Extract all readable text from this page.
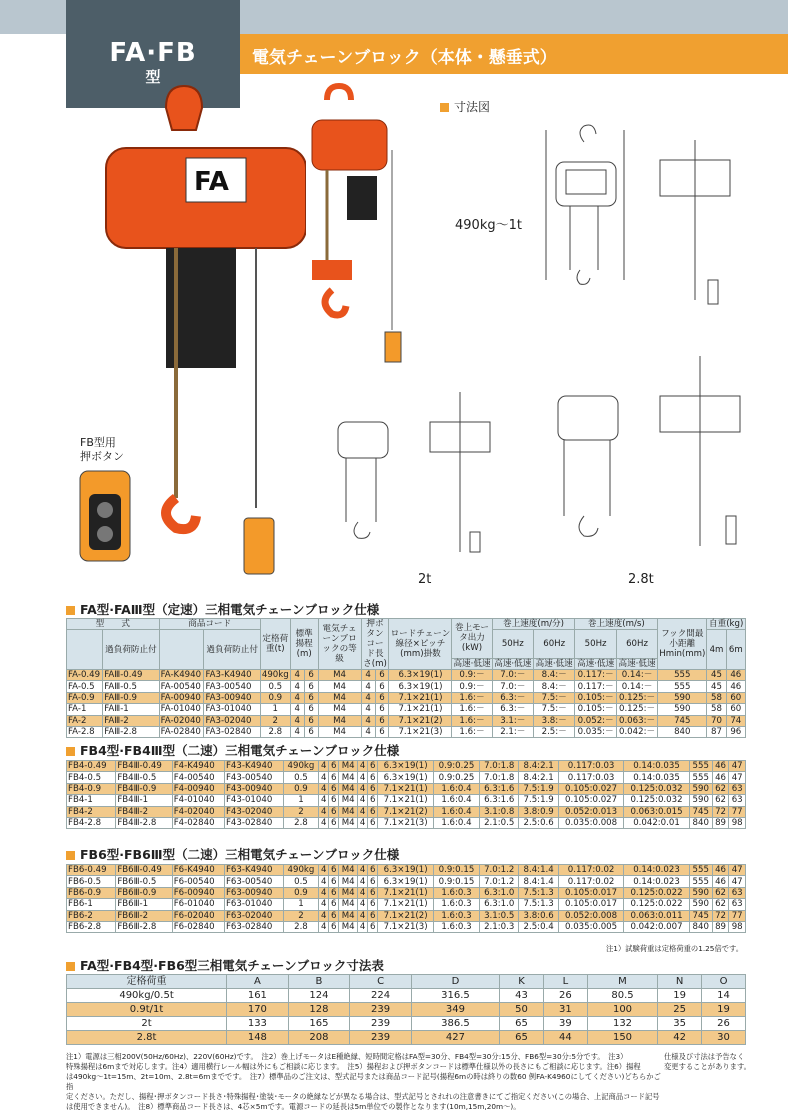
FA·FB
型
電気チェーンブロック（本体・懸垂式）
FA
FB型用
押ボタン
寸法図
490kg～1t
2t	2.8t
FA型·FAⅢ型（定速）三相電気チェーンブロック仕様
型　　式		商品コード		定格荷重(t)	標準揚程(m)		電気チェーンブロックの等級	押ボタンコード長さ(m)		ロードチェーン線径×ピッチ(mm)掛数	巻上モータ出力(kW)	巻上速度(m/分)		巻上速度(m/s)		フック間最小距離Hmin(mm)	自重(kg)	
	過負荷防止付		過負荷防止付									50Hz	60Hz	50Hz	60Hz		4m	6m
											高速·低速	高速·低速	高速·低速	高速·低速	高速·低速			
FA-0.49	FAⅢ-0.49	FA-K4940	FA3-K4940	490kg	4	6	M4	4	6	6.3×19(1)	0.9:－	7.0:－	8.4:－	0.117:－	0.14:－	555	45	46
FA-0.5	FAⅢ-0.5	FA-00540	FA3-00540	0.5	4	6	M4	4	6	6.3×19(1)	0.9:－	7.0:－	8.4:－	0.117:－	0.14:－	555	45	46
FA-0.9	FAⅢ-0.9	FA-00940	FA3-00940	0.9	4	6	M4	4	6	7.1×21(1)	1.6:－	6.3:－	7.5:－	0.105:－	0.125:－	590	58	60
FA-1	FAⅢ-1	FA-01040	FA3-01040	1	4	6	M4	4	6	7.1×21(1)	1.6:－	6.3:－	7.5:－	0.105:－	0.125:－	590	58	60
FA-2	FAⅢ-2	FA-02040	FA3-02040	2	4	6	M4	4	6	7.1×21(2)	1.6:－	3.1:－	3.8:－	0.052:－	0.063:－	745	70	74
FA-2.8	FAⅢ-2.8	FA-02840	FA3-02840	2.8	4	6	M4	4	6	7.1×21(3)	1.6:－	2.1:－	2.5:－	0.035:－	0.042:－	840	87	96
FB4型·FB4Ⅲ型（二速）三相電気チェーンブロック仕様
FB4-0.49	FB4Ⅲ-0.49	F4-K4940	F43-K4940	490kg	4	6	M4	4	6	6.3×19(1)	0.9:0.25	7.0:1.8	8.4:2.1	0.117:0.03	0.14:0.035	555	46	47
FB4-0.5	FB4Ⅲ-0.5	F4-00540	F43-00540	0.5	4	6	M4	4	6	6.3×19(1)	0.9:0.25	7.0:1.8	8.4:2.1	0.117:0.03	0.14:0.035	555	46	47
FB4-0.9	FB4Ⅲ-0.9	F4-00940	F43-00940	0.9	4	6	M4	4	6	7.1×21(1)	1.6:0.4	6.3:1.6	7.5:1.9	0.105:0.027	0.125:0.032	590	62	63
FB4-1	FB4Ⅲ-1	F4-01040	F43-01040	1	4	6	M4	4	6	7.1×21(1)	1.6:0.4	6.3:1.6	7.5:1.9	0.105:0.027	0.125:0.032	590	62	63
FB4-2	FB4Ⅲ-2	F4-02040	F43-02040	2	4	6	M4	4	6	7.1×21(2)	1.6:0.4	3.1:0.8	3.8:0.9	0.052:0.013	0.063:0.015	745	72	77
FB4-2.8	FB4Ⅲ-2.8	F4-02840	F43-02840	2.8	4	6	M4	4	6	7.1×21(3)	1.6:0.4	2.1:0.5	2.5:0.6	0.035:0.008	0.042:0.01	840	89	98
FB6型·FB6Ⅲ型（二速）三相電気チェーンブロック仕様
FB6-0.49	FB6Ⅲ-0.49	F6-K4940	F63-K4940	490kg	4	6	M4	4	6	6.3×19(1)	0.9:0.15	7.0:1.2	8.4:1.4	0.117:0.02	0.14:0.023	555	46	47
FB6-0.5	FB6Ⅲ-0.5	F6-00540	F63-00540	0.5	4	6	M4	4	6	6.3×19(1)	0.9:0.15	7.0:1.2	8.4:1.4	0.117:0.02	0.14:0.023	555	46	47
FB6-0.9	FB6Ⅲ-0.9	F6-00940	F63-00940	0.9	4	6	M4	4	6	7.1×21(1)	1.6:0.3	6.3:1.0	7.5:1.3	0.105:0.017	0.125:0.022	590	62	63
FB6-1	FB6Ⅲ-1	F6-01040	F63-01040	1	4	6	M4	4	6	7.1×21(1)	1.6:0.3	6.3:1.0	7.5:1.3	0.105:0.017	0.125:0.022	590	62	63
FB6-2	FB6Ⅲ-2	F6-02040	F63-02040	2	4	6	M4	4	6	7.1×21(2)	1.6:0.3	3.1:0.5	3.8:0.6	0.052:0.008	0.063:0.011	745	72	77
FB6-2.8	FB6Ⅲ-2.8	F6-02840	F63-02840	2.8	4	6	M4	4	6	7.1×21(3)	1.6:0.3	2.1:0.3	2.5:0.4	0.035:0.005	0.042:0.007	840	89	98
注1）試験荷重は定格荷重の1.25倍です。
FA型·FB4型·FB6型三相電気チェーンブロック寸法表
定格荷重	A	B	C	D	K	L	M	N	O
490kg/0.5t	161	124	224	316.5	43	26	80.5	19	14
0.9t/1t	170	128	239	349	50	31	100	25	19
2t	133	165	239	386.5	65	39	132	35	26
2.8t	148	208	239	427	65	44	150	42	30
注1）電源は三相200V(50Hz/60Hz)、220V(60Hz)です。　注2）巻上げモータはE種絶縁、短時間定格はFA型=30分、FB4型=30分:15分、FB6型=30分:5分です。　注3）
特殊揚程は6mまで対応します。注4）適用横行レール幅は外にもご相談に応じます。　注5）揚程および押ボタンコードは標準仕様以外の長さにもご相談に応じます。注6）揚程
は490kg～1t=15m、2t=10m、2.8t=6mまでです。　注7）標準品のご注文は、型式記号または商品コード記号(揚程6mの時は終りの数60 例FA-K4960にしてください)どちらかご指
定ください。ただし、揚程･押ボタンコード長さ･特殊揚程･塗装･モータの絶縁などが異なる場合は、型式記号とされれの注意書きにてご指定ください(この場合、上記商品コード記号
は使用できません)。　注8）標準商品コード長さは、4芯×5mです。電源コードの延長は5m単位での製作となります(10m,15m,20m～)。
仕様及び寸法は予告なく
変更することがあります。
